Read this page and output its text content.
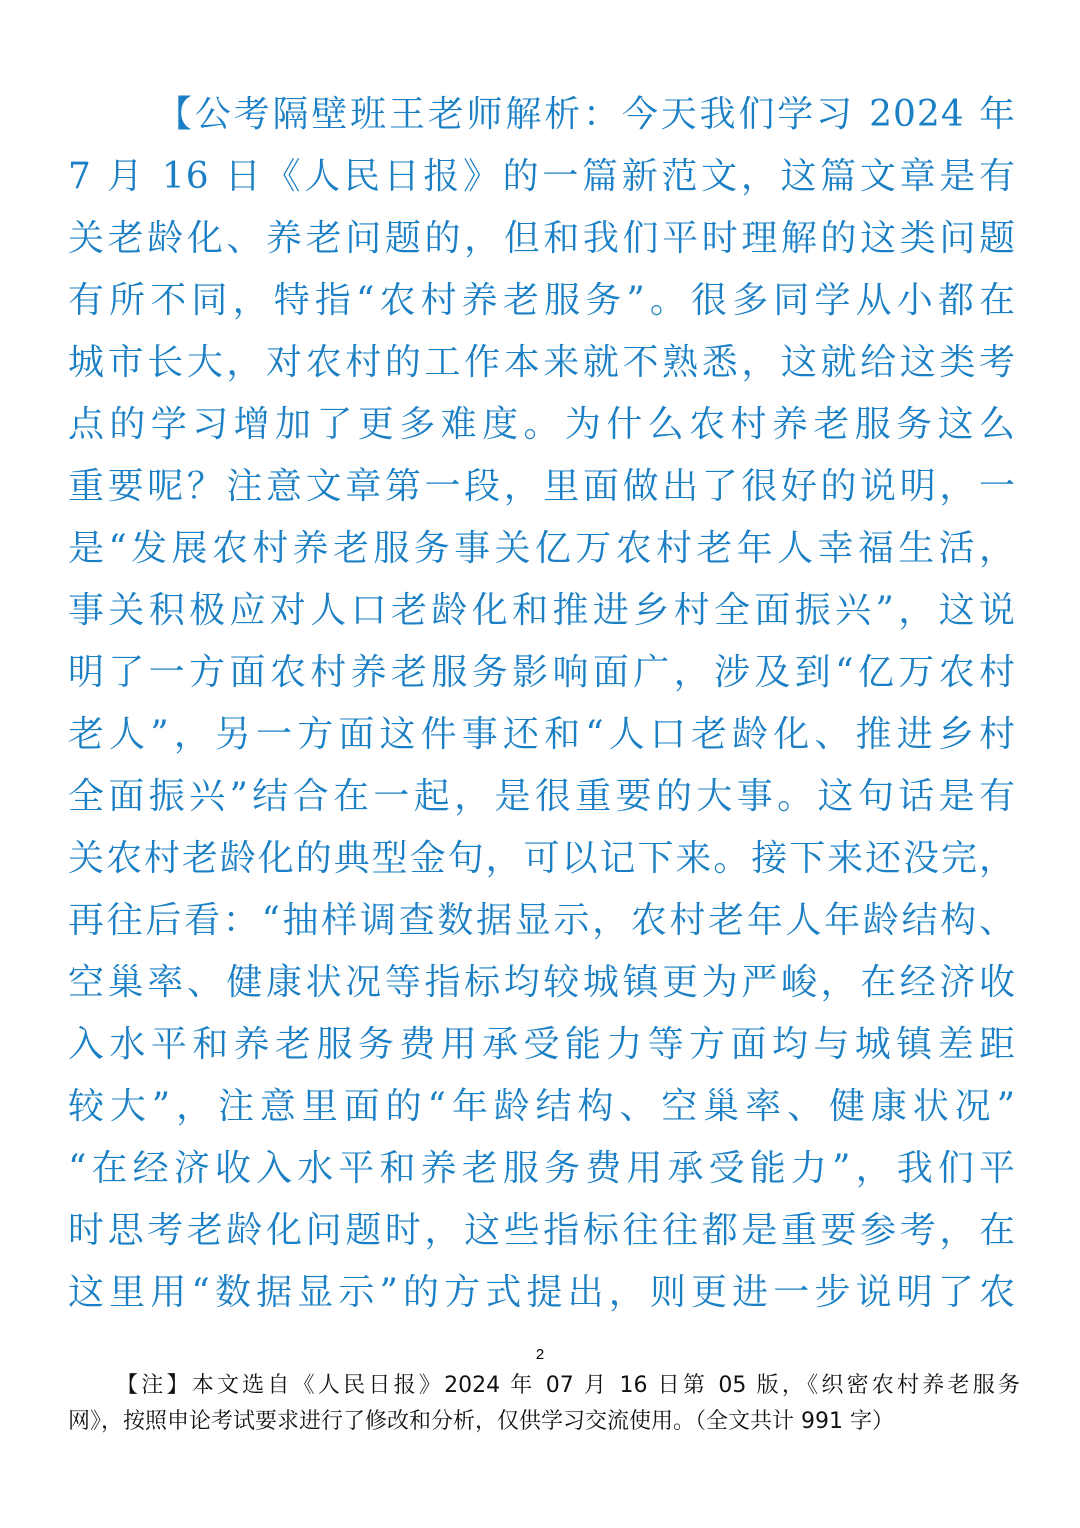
【公考隔壁班王老师解析：今天我们学习 2024 年
7 月 16 日《人民日报》的一篇新范文，这篇文章是有
关老龄化、养老问题的，但和我们平时理解的这类问题
有所不同，特指“农村养老服务”。很多同学从小都在
城市长大，对农村的工作本来就不熟悉，这就给这类考
点的学习增加了更多难度。为什么农村养老服务这么
重要呢？注意文章第一段，里面做出了很好的说明，一
是“发展农村养老服务事关亿万农村老年人幸福生活，
事关积极应对人口老龄化和推进乡村全面振兴”，这说
明了一方面农村养老服务影响面广，涉及到“亿万农村
老人”，另一方面这件事还和“人口老龄化、推进乡村
全面振兴”结合在一起，是很重要的大事。这句话是有
关农村老龄化的典型金句，可以记下来。接下来还没完，
再往后看：“抽样调查数据显示，农村老年人年龄结构、
空巢率、健康状况等指标均较城镇更为严峻，在经济收
入水平和养老服务费用承受能力等方面均与城镇差距
较大”，注意里面的“年龄结构、空巢率、健康状况”
“在经济收入水平和养老服务费用承受能力”，我们平
时思考老龄化问题时，这些指标往往都是重要参考，在
这里用“数据显示”的方式提出，则更进一步说明了农
2
【注】本文选自《人民日报》2024 年 07 月 16 日第 05 版，《织密农村养老服务
网》，按照申论考试要求进行了修改和分析，仅供学习交流使用。（全文共计 991 字）
